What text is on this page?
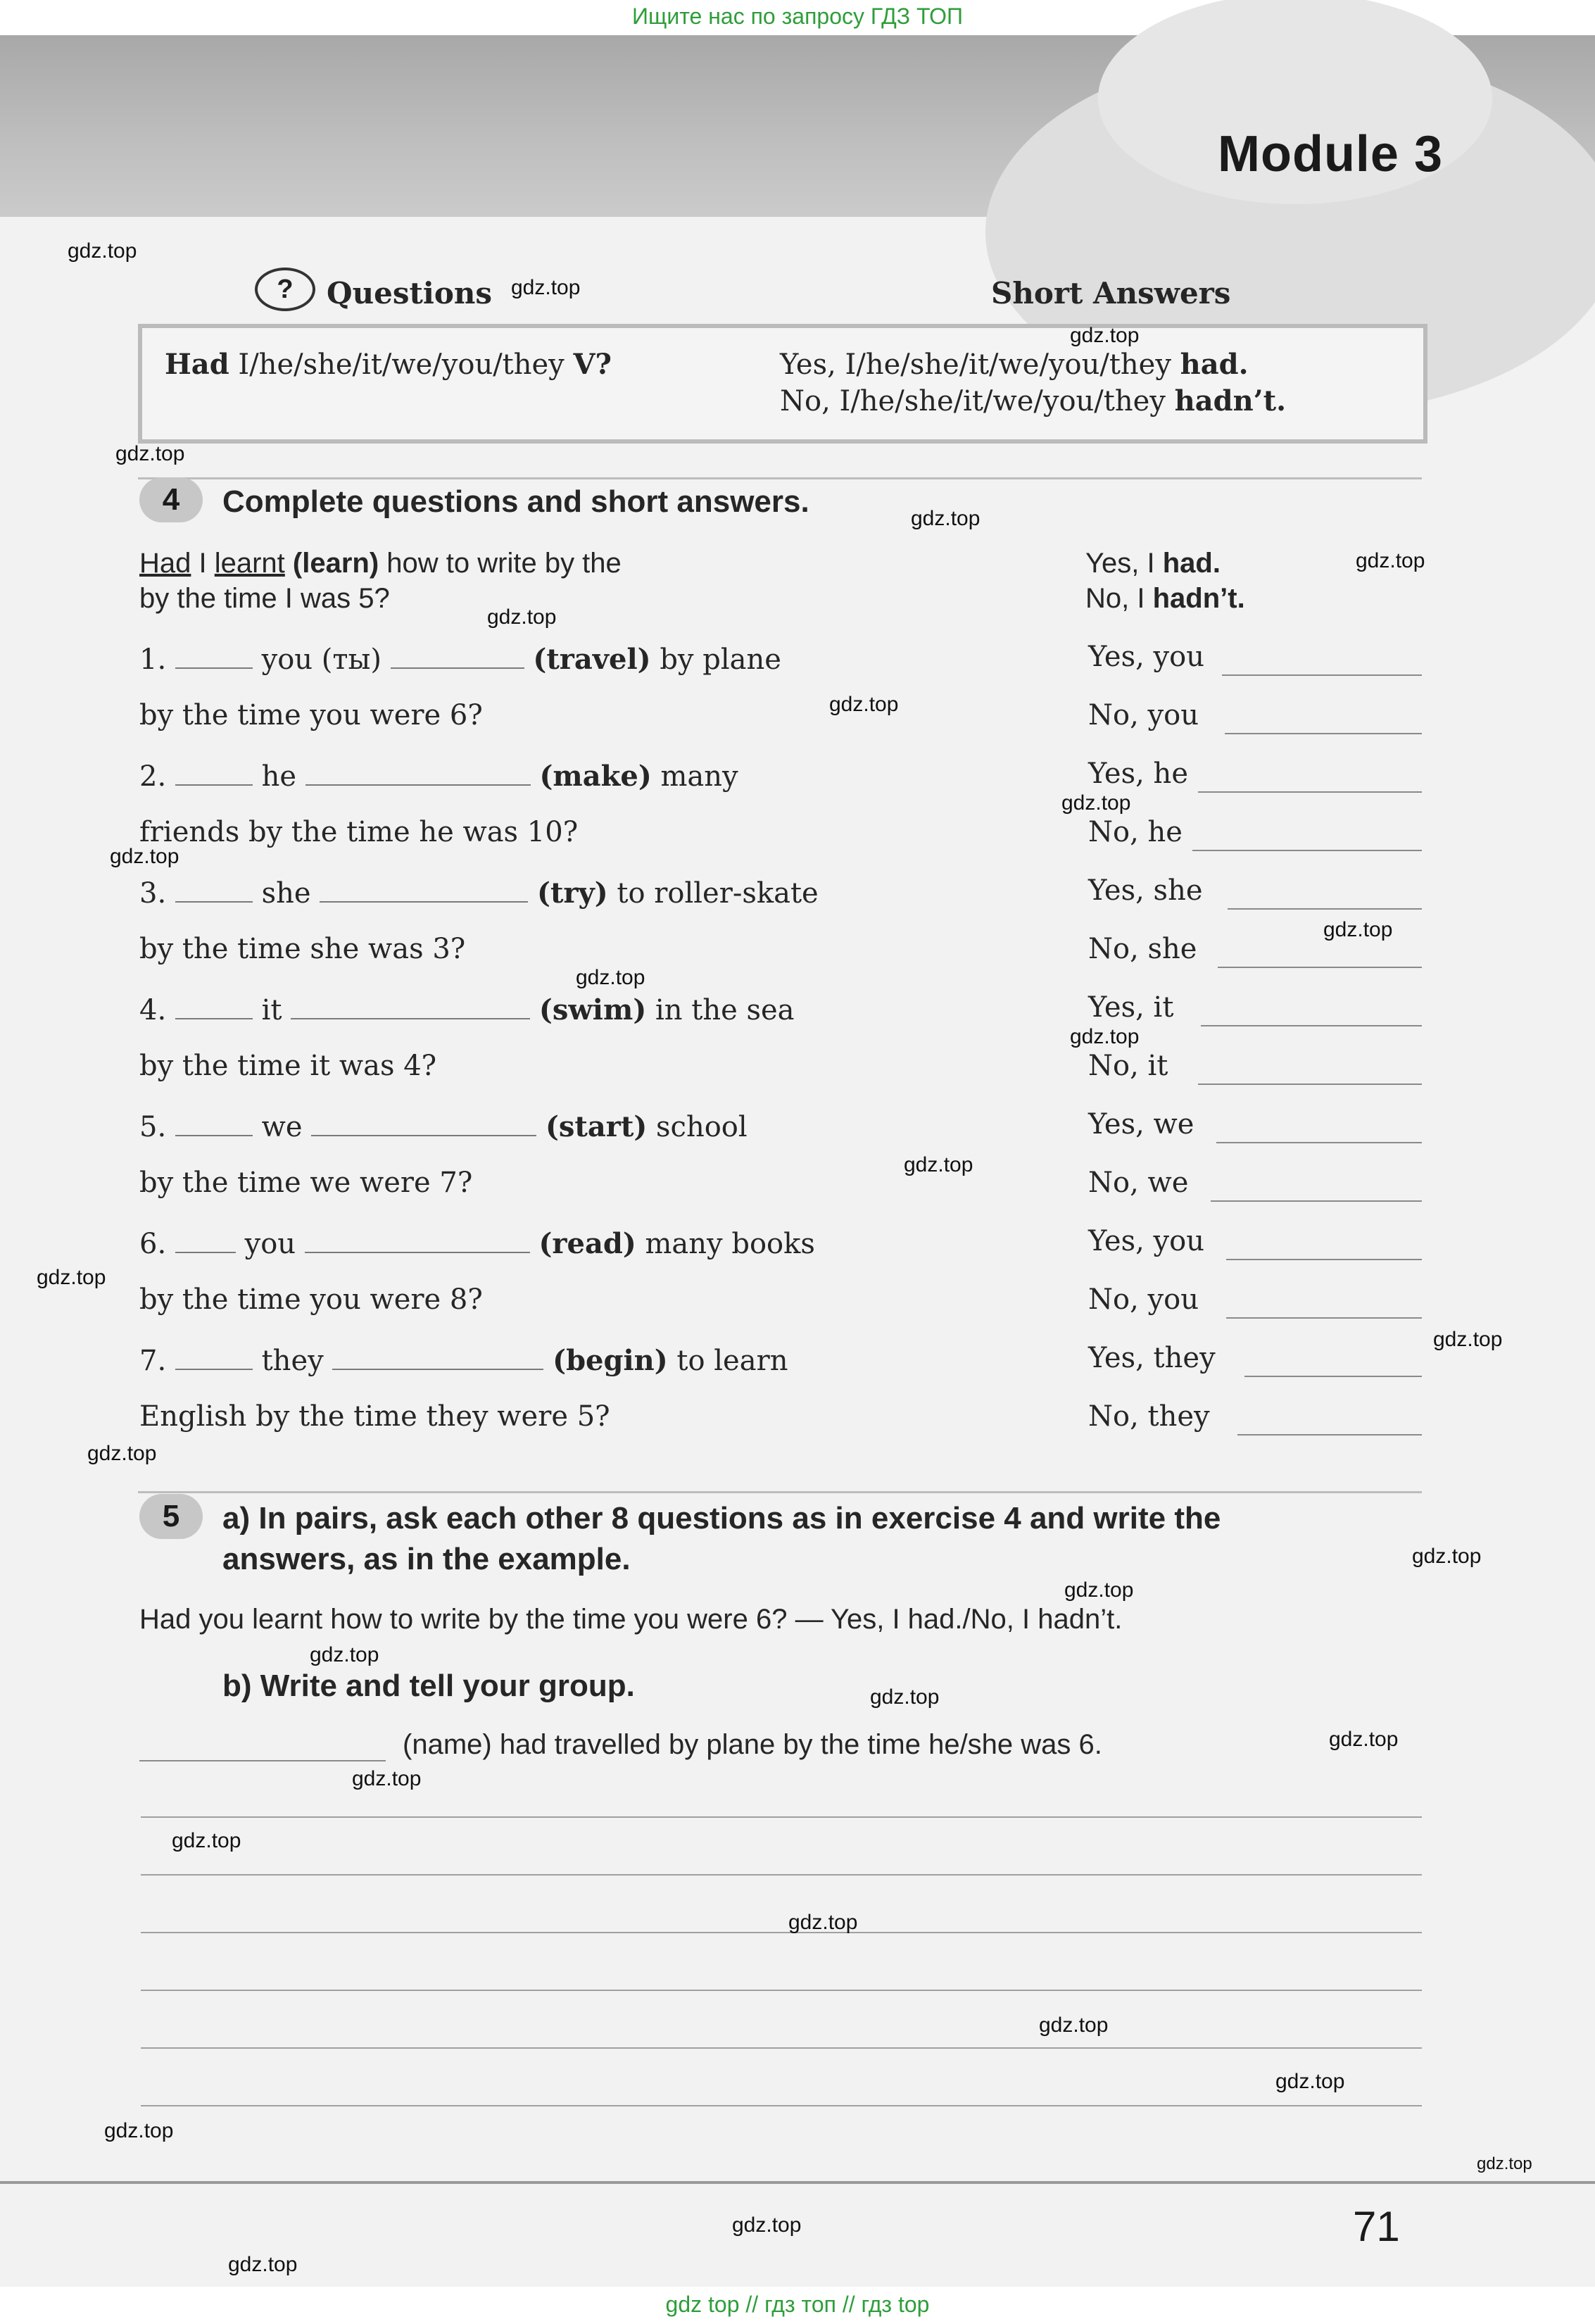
Ищите нас по запросу ГДЗ ТОП
Module 3
?	Questions	Short Answers
Had I/he/she/it/we/you/they V?	Yes, I/he/she/it/we/you/they had.
No, I/he/she/it/we/you/they hadn’t.
4	Complete questions and short answers.
Had I learnt (learn) how to write by the
by the time I was 5?
Yes, I had.
No, I hadn’t.
1.	you (ты)	(travel) by plane
by the time you were 6?
Yes, you
No, you
2.	he	(make) many
friends by the time he was 10?
Yes, he
No, he
3.	she	(try) to roller-skate
by the time she was 3?
Yes, she
No, she
4.	it	(swim) in the sea
by the time it was 4?
Yes, it
No, it
5.	we	(start) school
by the time we were 7?
Yes, we
No, we
6.	you	(read) many books
by the time you were 8?
Yes, you
No, you
7.	they	(begin) to learn
English by the time they were 5?
Yes, they
No, they
5	a) In pairs, ask each other 8 questions as in exercise 4 and write the
answers, as in the example.
Had you learnt how to write by the time you were 6? — Yes, I had./No, I hadn’t.
b) Write and tell your group.
(name) had travelled by plane by the time he/she was 6.
71
gdz.top
gdz.top
gdz.top
gdz.top
gdz.top
gdz.top
gdz.top
gdz.top
gdz.top
gdz.top
gdz.top
gdz.top
gdz.top
gdz.top
gdz.top
gdz.top
gdz.top
gdz.top
gdz.top
gdz.top
gdz.top
gdz.top
gdz.top
gdz.top
gdz.top
gdz.top
gdz.top
gdz.top
gdz.top
gdz.top
gdz.top
gdz top // гдз топ // гдз top
